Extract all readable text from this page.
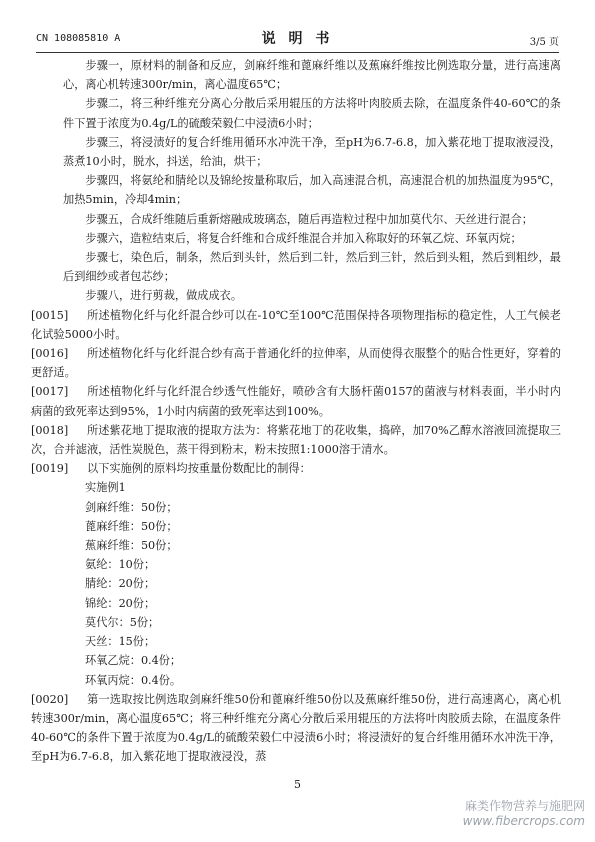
CN 108085810 A	说 明 书	3/5 页

步骤一，原材料的制备和反应，剑麻纤维和蓖麻纤维以及蕉麻纤维按比例选取分量，进行高速离心，离心机转速300r/min，离心温度65℃；

步骤二，将三种纤维充分离心分散后采用辊压的方法将叶肉胶质去除，在温度条件40-60℃的条件下置于浓度为0.4g/L的硫酸荣毅仁中浸渍6小时；

步骤三，将浸渍好的复合纤维用循环水冲洗干净，至pH为6.7-6.8，加入紫花地丁提取液浸没，蒸煮10小时，脱水，抖送，给油，烘干；

步骤四，将氨纶和腈纶以及锦纶按量称取后，加入高速混合机，高速混合机的加热温度为95℃，加热5min，冷却4min；

步骤五，合成纤维随后重新熔融成玻璃态，随后再造粒过程中加加莫代尔、天丝进行混合；

步骤六，造粒结束后，将复合纤维和合成纤维混合并加入称取好的环氧乙烷、环氧丙烷；

步骤七，染色后，制条，然后到头针，然后到二针，然后到三针，然后到头粗，然后到粗纱，最后到细纱或者包芯纱；

步骤八，进行剪裁，做成成衣。

[0015] 所述植物化纤与化纤混合纱可以在-10℃至100℃范围保持各项物理指标的稳定性，人工气候老化试验5000小时。

[0016] 所述植物化纤与化纤混合纱有高于普通化纤的拉伸率，从而使得衣服整个的贴合性更好，穿着的更舒适。

[0017] 所述植物化纤与化纤混合纱透气性能好，喷砂含有大肠杆菌0157的菌液与材料表面，半小时内病菌的致死率达到95%，1小时内病菌的致死率达到100%。

[0018] 所述紫花地丁提取液的提取方法为：将紫花地丁的花收集，捣碎，加70%乙醇水溶液回流提取三次，合并滤液，活性炭脱色，蒸干得到粉末，粉末按照1:1000溶于清水。

[0019] 以下实施例的原料均按重量份数配比的制得：

实施例1
剑麻纤维：50份；
蓖麻纤维：50份；
蕉麻纤维：50份；
氨纶：10份；
腈纶：20份；
锦纶：20份；
莫代尔：5份；
天丝：15份；
环氧乙烷：0.4份；
环氧丙烷：0.4份。

[0020] 第一选取按比例选取剑麻纤维50份和蓖麻纤维50份以及蕉麻纤维50份，进行高速离心，离心机转速300r/min，离心温度65℃；将三种纤维充分离心分散后采用辊压的方法将叶肉胶质去除，在温度条件40-60℃的条件下置于浓度为0.4g/L的硫酸荣毅仁中浸渍6小时；将浸渍好的复合纤维用循环水冲洗干净，至pH为6.7-6.8，加入紫花地丁提取液浸没，蒸

5
麻类作物营养与施肥网
www.fibercrops.com
